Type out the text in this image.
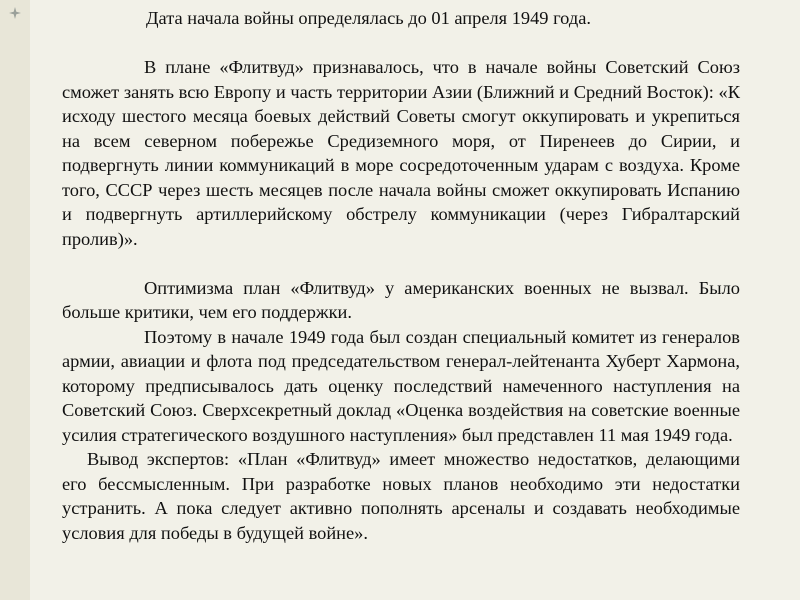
Дата начала войны определялась до 01 апреля 1949 года.

В плане «Флитвуд» признавалось, что в начале войны Советский Союз сможет занять всю Европу и часть территории Азии (Ближний и Средний Восток): «К исходу шестого месяца боевых действий Советы смогут оккупировать и укрепиться на всем северном побережье Средиземного моря, от Пиренеев до Сирии, и подвергнуть линии коммуникаций в море сосредоточенным ударам с воздуха. Кроме того, СССР через шесть месяцев после начала войны сможет оккупировать Испанию и подвергнуть артиллерийскому обстрелу коммуникации (через Гибралтарский пролив)».

Оптимизма план «Флитвуд» у американских военных не вызвал. Было больше критики, чем его поддержки.

Поэтому в начале 1949 года был создан специальный комитет из генералов армии, авиации и флота под председательством генерал-лейтенанта Хуберт Хармона, которому предписывалось дать оценку последствий намеченного наступления на Советский Союз. Сверхсекретный доклад «Оценка воздействия на советские военные усилия стратегического воздушного наступления» был представлен 11 мая 1949 года.

Вывод экспертов: «План «Флитвуд» имеет множество недостатков, делающими его бессмысленным. При разработке новых планов необходимо эти недостатки устранить. А пока следует активно пополнять арсеналы и создавать необходимые условия для победы в будущей войне».
